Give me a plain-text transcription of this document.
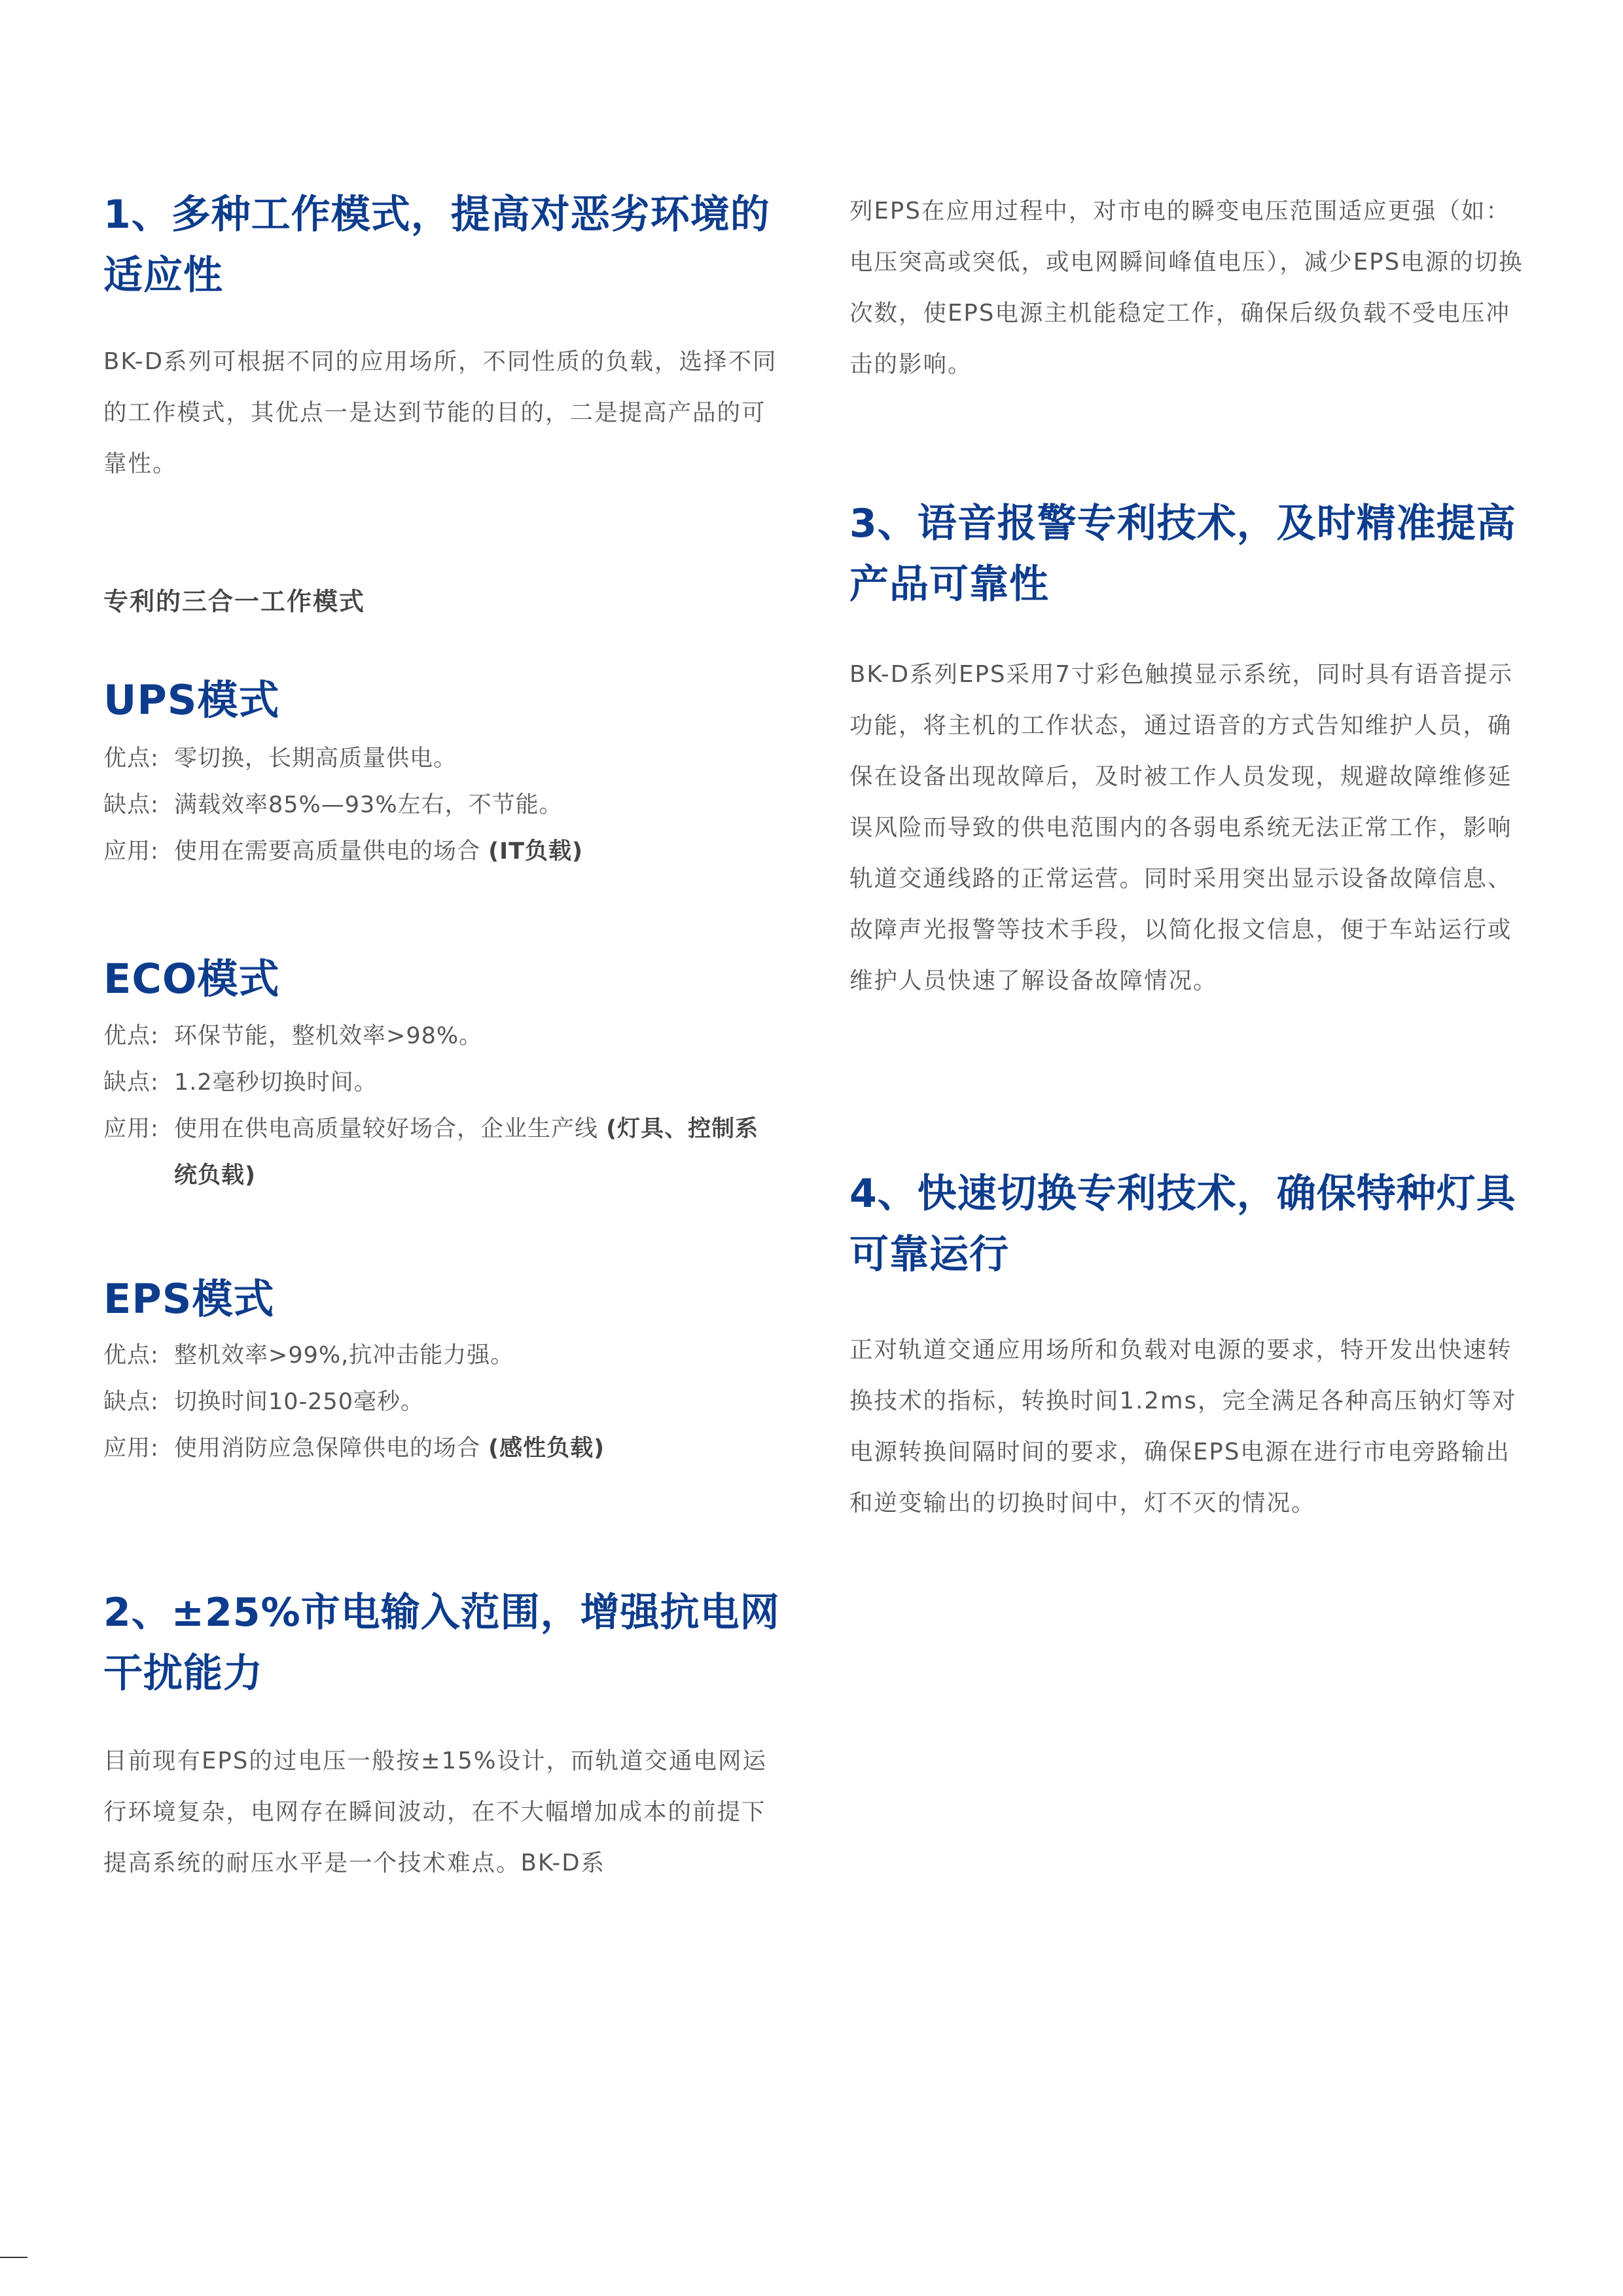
1、多种工作模式，提高对恶劣环境的
适应性
BK-D系列可根据不同的应用场所，不同性质的负载，选择不同的工作模式，其优点一是达到节能的目的，二是提高产品的可靠性。
专利的三合一工作模式
UPS模式
优点: 零切换，长期高质量供电。
缺点: 满载效率85%—93%左右，不节能。
应用: 使用在需要高质量供电的场合 (IT负载)
ECO模式
优点: 环保节能，整机效率>98%。
缺点: 1.2毫秒切换时间。
应用: 使用在供电高质量较好场合，企业生产线 (灯具、控制系统负载)
EPS模式
优点: 整机效率>99%,抗冲击能力强。
缺点: 切换时间10-250毫秒。
应用: 使用消防应急保障供电的场合 (感性负载)
2、±25%市电输入范围，增强抗电网
干扰能力
目前现有EPS的过电压一般按±15%设计，而轨道交通电网运行环境复杂，电网存在瞬间波动，在不大幅增加成本的前提下提高系统的耐压水平是一个技术难点。BK-D系
列EPS在应用过程中，对市电的瞬变电压范围适应更强（如：电压突高或突低，或电网瞬间峰值电压），减少EPS电源的切换次数，使EPS电源主机能稳定工作，确保后级负载不受电压冲击的影响。
3、语音报警专利技术，及时精准提高
产品可靠性
BK-D系列EPS采用7寸彩色触摸显示系统，同时具有语音提示功能，将主机的工作状态，通过语音的方式告知维护人员，确保在设备出现故障后，及时被工作人员发现，规避故障维修延误风险而导致的供电范围内的各弱电系统无法正常工作，影响轨道交通线路的正常运营。同时采用突出显示设备故障信息、故障声光报警等技术手段，以简化报文信息，便于车站运行或维护人员快速了解设备故障情况。
4、快速切换专利技术，确保特种灯具
可靠运行
正对轨道交通应用场所和负载对电源的要求，特开发出快速转换技术的指标，转换时间1.2ms，完全满足各种高压钠灯等对电源转换间隔时间的要求，确保EPS电源在进行市电旁路输出和逆变输出的切换时间中，灯不灭的情况。
